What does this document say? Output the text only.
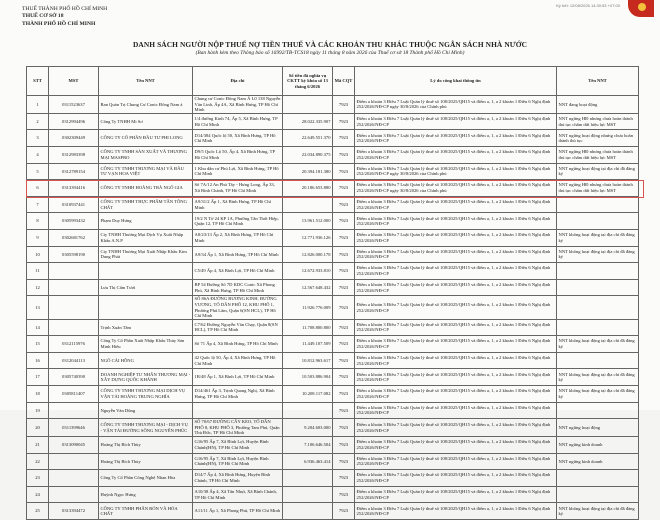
THUẾ THÀNH PHỐ HỒ CHÍ MINH
THUẾ CƠ SỞ 18
THÀNH PHỐ HỒ CHÍ MINH
Ký bởi: 12/08/2026 14:30:53 +07:00
DANH SÁCH NGƯỜI NỘP THUẾ NỢ TIỀN THUẾ VÀ CÁC KHOẢN THU KHÁC THUỘC NGÂN SÁCH NHÀ NƯỚC
(Ban hành kèm theo Thông báo số 16992/TB-TCS18 ngày 11 tháng 8 năm 2026 của Thuế cơ sở 18 Thành phố Hồ Chí Minh)
STT	MST	Tên NNT	Địa chỉ	Số tiền đã nghĩa vụ CKTT kỳ khóa số 13 tháng 6/2026	Mã CQT	Lý do công khai thông tin	Tên NNT
1	0311523637	Ban Quản Trị Chung Cư Conic Đông Nam á	Chung cư Conic Đông Nam Á L0 138 Nguyễn Văn Linh, Ấp 4A, Xã Bình Hưng, TP Hồ Chí Minh		7923	Điểm a khoản 3 Điều 7 Luật Quản lý thuế số 108/2025/QH15 và điểm a, 1, a 2 khoản 1 Điều 6 Nghị định 252/2026/NĐ-CP ngày 30/8/2026 của Chính phủ	NNT đang hoạt động
2	0312994496	Công Ty TNHH Mi Sơ	1/4 đường Kinh 74, Ấp 5, Xã Bình Hưng, TP Hồ Chí Minh	28.022.335.907	7923	Điểm a khoản 3 Điều 7 Luật Quản lý thuế số 108/2025/QH15 và điểm a, 1, a 2 khoản 1 Điều 6 Nghị định 252/2026/NĐ-CP	NNT ngừng HĐ nhưng chưa hoàn thành thủ tục chấm dứt hiệu lực MST
3	0302309449	CÔNG TY CỔ PHẦN ĐẦU TƯ PHI LONG	D14/384 Quốc lộ 50, Xã Bình Hưng, TP Hồ Chí Minh	22.649.551.370	7923	Điểm a khoản 3 Điều 7 Luật Quản lý thuế số 108/2025/QH15 và điểm a, 1, a 2 khoản 1 Điều 6 Nghị định 252/2026/NĐ-CP	NNT ngừng hoạt động nhưng chưa hoàn thành thủ tục
4	0312983398	CÔNG TY TNHH SẢN XUẤT VÀ THƯƠNG MẠI MASPRO	D9/5 Quốc Lộ 50, Ấp 4, Xã Bình Hưng, TP Hồ Chí Minh	22.034.890.375	7923	Điểm a khoản 3 Điều 7 Luật Quản lý thuế số 108/2025/QH15 và điểm a, 1, a 2 khoản 1 Điều 6 Nghị định 252/2026/NĐ-CP	NNT ngừng HĐ nhưng chưa hoàn thành thủ tục chấm dứt hiệu lực MST
5	0312789154	CÔNG TY TNHH THƯƠNG MẠI VÀ ĐẦU TƯ VẠN HOA VIỆT	1 Khu dân cư Phú Lợi, Xã Bình Hưng, TP Hồ Chí Minh	20.394.181.380	7923	Điểm a khoản 3 Điều 7 Luật Quản lý thuế số 108/2025/QH15 và điểm a, 1, a 2 khoản 1 Điều 6 Nghị định 252/2026/NĐ-CP ngày 30/8/2026 của Chính phủ	NNT ngừng hoạt động tại địa chỉ đã đăng ký
6	0313394416	CÔNG TY TNHH HOÀNG TRÀ NGÔ GIA	Số 7A/12 An Phú Tây - Hưng Long, Ấp 33, Xã Bình Chánh, TP Hồ Chí Minh	20.186.653.880	7923	Điểm a khoản 3 Điều 7 Luật Quản lý thuế số 108/2025/QH15 và điểm a, 1, a 2 khoản 1 Điều 6 Nghị định 252/2026/NĐ-CP ngày 30/8/2026 của Chính phủ	NNT ngừng HĐ nhưng chưa hoàn thành thủ tục chấm dứt hiệu lực MST
7	0310937441	CÔNG TY TNHH THỰC PHẨM TÂN TÔNG CHẤT	A9/31/2 Ấp 1, Xã Bình Hưng, TP Hồ Chí Minh		7923	Điểm a khoản 3 Điều 7 Luật Quản lý thuế số 108/2025/QH15 và điểm a, 1, a 2 khoản 1 Điều 6 Nghị định 252/2026/NĐ-CP	
8	0305993432	Phạm Duy Hưng	19/2 N Tờ 24 KP 1A, Phường Tân Thới Hiệp, Quận 12, TP Hồ Chí Minh	13.961.512.000	7923	Điểm a khoản 3 Điều 7 Luật Quản lý thuế số 108/2025/QH15 và điểm a, 1, a 2 khoản 1 Điều 6 Nghị định 252/2026/NĐ-CP	
9	0302681762	Cty TNHH Thương Mại Dịch Vụ Xuất Nhập Khẩu A.N.P	A8/23/13 Ấp 2, Xã Bình Hưng, TP Hồ Chí Minh	12.771.936.126	7923	Điểm a khoản 3 Điều 7 Luật Quản lý thuế số 108/2025/QH15 và điểm a, 1, a 2 khoản 1 Điều 6 Nghị định 252/2026/NĐ-CP	NNT không hoạt động tại địa chỉ đã đăng ký
10	0305598190	Cty TNHH Thương Mại Xuất Nhập Khẩu Kim Dung Phát	A9/34 Ấp 1, Xã Bình Hưng, TP Hồ Chí Minh	12.826.000.178	7923	Điểm a khoản 3 Điều 7 Luật Quản lý thuế số 108/2025/QH15 và điểm a, 1, a 2 khoản 1 Điều 6 Nghị định 252/2026/NĐ-CP	NNT không hoạt động tại địa chỉ đã đăng ký
11			C5/49 Ấp 4, Xã Bình Lợi, TP Hồ Chí Minh	12.672.933.810	7923	Điểm a khoản 3 Điều 7 Luật Quản lý thuế số 108/2025/QH15 và điểm a, 1, a 2 khoản 1 Điều 6 Nghị định 252/2026/NĐ-CP	
12		Lưu Thị Cẩm Tươi	BP 54 Đường Số 7D KDC Conic Xã Phong Phú, Xã Bình Hưng, TP Hồ Chí Minh	12.567.648.432	7923	Điểm a khoản 3 Điều 7 Luật Quản lý thuế số 108/2025/QH15 và điểm a, 1, a 2 khoản 1 Điều 6 Nghị định 252/2026/NĐ-CP	
13			SỐ 86A ĐƯỜNG BƯƠNG KINH, ĐƯỜNG VƯƠNG, TỔ DÂN PHỐ 12, KHU PHỐ 1, Phường Phú Lâm, Quận 6(SN HCL), TP Hồ Chí Minh	11.926.776.009	7923	Điểm a khoản 3 Điều 7 Luật Quản lý thuế số 108/2025/QH15 và điểm a, 1, a 2 khoản 1 Điều 6 Nghị định 252/2026/NĐ-CP	
14		Trịnh Xuân Tâm	C7/62 Đường Nguyễn Văn Chạy, Quận 8(SN HCL), TP Hồ Chí Minh	11.708.800.800	7923	Điểm a khoản 3 Điều 7 Luật Quản lý thuế số 108/2025/QH15 và điểm a, 1, a 2 khoản 1 Điều 6 Nghị định 252/2026/NĐ-CP	
15	0312115976	Công Ty Cổ Phần Xuất Nhập Khẩu Thủy Sản Minh Hiếu	Số 71 Ấp 4, Xã Bình Hưng, TP Hồ Chí Minh	11.449.107.509	7923	Điểm a khoản 3 Điều 7 Luật Quản lý thuế số 108/2025/QH15 và điểm a, 1, a 2 khoản 1 Điều 6 Nghị định 252/2026/NĐ-CP	NNT không hoạt động tại địa chỉ đã đăng ký
16	0312044113	NGÔ CÁI HỒNG	42 Quốc lộ 50, Ấp 4, Xã Bình Hưng, TP Hồ Chí Minh	10.812.963.617	7923	Điểm a khoản 3 Điều 7 Luật Quản lý thuế số 108/2025/QH15 và điểm a, 1, a 2 khoản 1 Điều 6 Nghị định 252/2026/NĐ-CP	
17	0305740390	DOANH NGHIỆP TƯ NHÂN THƯƠNG MẠI - XÂY DỰNG QUỐC KHÁNH	1B/48 Ấp 1, Xã Bình Lợi, TP Hồ Chí Minh	10.503.886.904	7923	Điểm a khoản 3 Điều 7 Luật Quản lý thuế số 108/2025/QH15 và điểm a, 1, a 2 khoản 1 Điều 6 Nghị định 252/2026/NĐ-CP	NNT không hoạt động tại địa chỉ đã đăng ký
18	0305811407	CÔNG TY TNHH THƯƠNG MẠI DỊCH VỤ VẬN TẢI HOÀNG TRUNG NGHĨA	D14/461 Ấp 3, Trịnh Quang Nghị, Xã Bình Hưng, TP Hồ Chí Minh	10.208.117.082	7923	Điểm a khoản 3 Điều 7 Luật Quản lý thuế số 108/2025/QH15 và điểm a, 1, a 2 khoản 1 Điều 6 Nghị định 252/2026/NĐ-CP	NNT không hoạt động tại địa chỉ đã đăng ký
19		Nguyễn Văn Dũng			7923	Điểm a khoản 3 Điều 7 Luật Quản lý thuế số 108/2025/QH15 và điểm a, 1, a 2 khoản 1 Điều 6 Nghị định 252/2026/NĐ-CP	
20	0311399646	CÔNG TY TNHH THƯƠNG MẠI - DỊCH VỤ - VẬN TẢI ĐƯỜNG SÔNG NGUYÊN PHÚC	SỐ 70/67 ĐƯỜNG CÂY KEO, TỔ DÂN PHỐ 8, KHU PHỐ 3, Phường Tam Phú, Quận Thủ Đức, TP Hồ Chí Minh	9.204.603.000	7923	Điểm a khoản 3 Điều 7 Luật Quản lý thuế số 108/2025/QH15 và điểm a, 1, a 2 khoản 1 Điều 6 Nghị định 252/2026/NĐ-CP	NNT ngừng hoạt động
21	0313090045	Hoàng Thị Bích Thùy	G16/95 Ấp 7, Xã Bình Lợi, Huyện Bình Chánh(HN), TP Hồ Chí Minh	7.106.646.504	7923	Điểm a khoản 3 Điều 7 Luật Quản lý thuế số 108/2025/QH15 và điểm a, 1, a 2 khoản 1 Điều 6 Nghị định 252/2026/NĐ-CP	NNT ngừng kinh doanh
22		Hoàng Thị Bích Thủy	G16/95 Ấp 7, Xã Bình Lợi, Huyện Bình Chánh(HN), TP Hồ Chí Minh	6.936.463.414	7923	Điểm a khoản 3 Điều 7 Luật Quản lý thuế số 108/2025/QH15 và điểm a, 1, a 2 khoản 1 Điều 6 Nghị định 252/2026/NĐ-CP	NNT ngừng kinh doanh
23		Công Ty Cổ Phần Công Nghệ Nhan Hòa	D14/7 Ấp 4, Xã Bình Hưng, Huyện Bình Chánh, TP Hồ Chí Minh		7923	Điểm a khoản 3 Điều 7 Luật Quản lý thuế số 108/2025/QH15 và điểm a, 1, a 2 khoản 1 Điều 6 Nghị định 252/2026/NĐ-CP	
24		Huỳnh Ngọc Hưng	A10/38 Ấp 4, Xã Tân Nhựt, Xã Bình Chánh, TP Hồ Chí Minh		7923	Điểm a khoản 3 Điều 7 Luật Quản lý thuế số 108/2025/QH15 và điểm a, 1, a 2 khoản 1 Điều 6 Nghị định 252/2026/NĐ-CP	
25	0313394472	CÔNG TY TNHH PHÂN BÓN VÀ HÓA CHẤT	A11/11 Ấp 1, Xã Phong Phú, TP Hồ Chí Minh		7923	Điểm a khoản 3 Điều 7 Luật Quản lý thuế số 108/2025/QH15 và điểm a, 1, a 2 khoản 1 Điều 6 Nghị định 252/2026/NĐ-CP	NNT không hoạt động tại địa chỉ đã đăng ký
